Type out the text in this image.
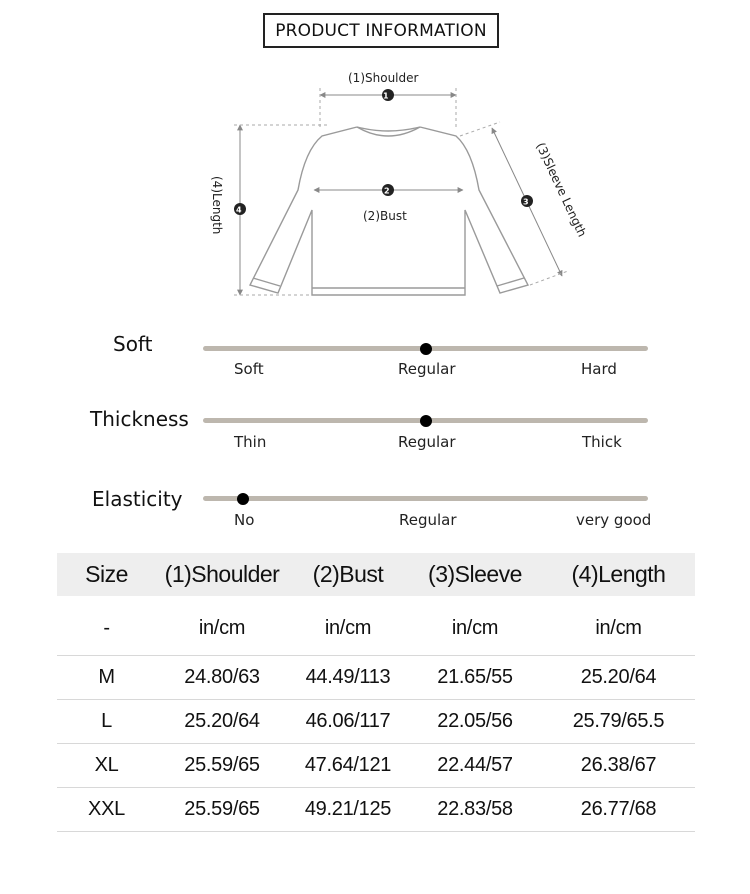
PRODUCT INFORMATION
1
(1)Shoulder
2
(2)Bust
4
(4)Length	3 (3)Sleeve Length
Soft
Soft	Regular	Hard
Thickness
Thin	Regular	Thick
Elasticity
No	Regular	very good
Size	(1)Shoulder	(2)Bust	(3)Sleeve	(4)Length
-	in/cm	in/cm	in/cm	in/cm
M	24.80/63	44.49/113	21.65/55	25.20/64
L	25.20/64	46.06/117	22.05/56	25.79/65.5
XL	25.59/65	47.64/121	22.44/57	26.38/67
XXL	25.59/65	49.21/125	22.83/58	26.77/68
